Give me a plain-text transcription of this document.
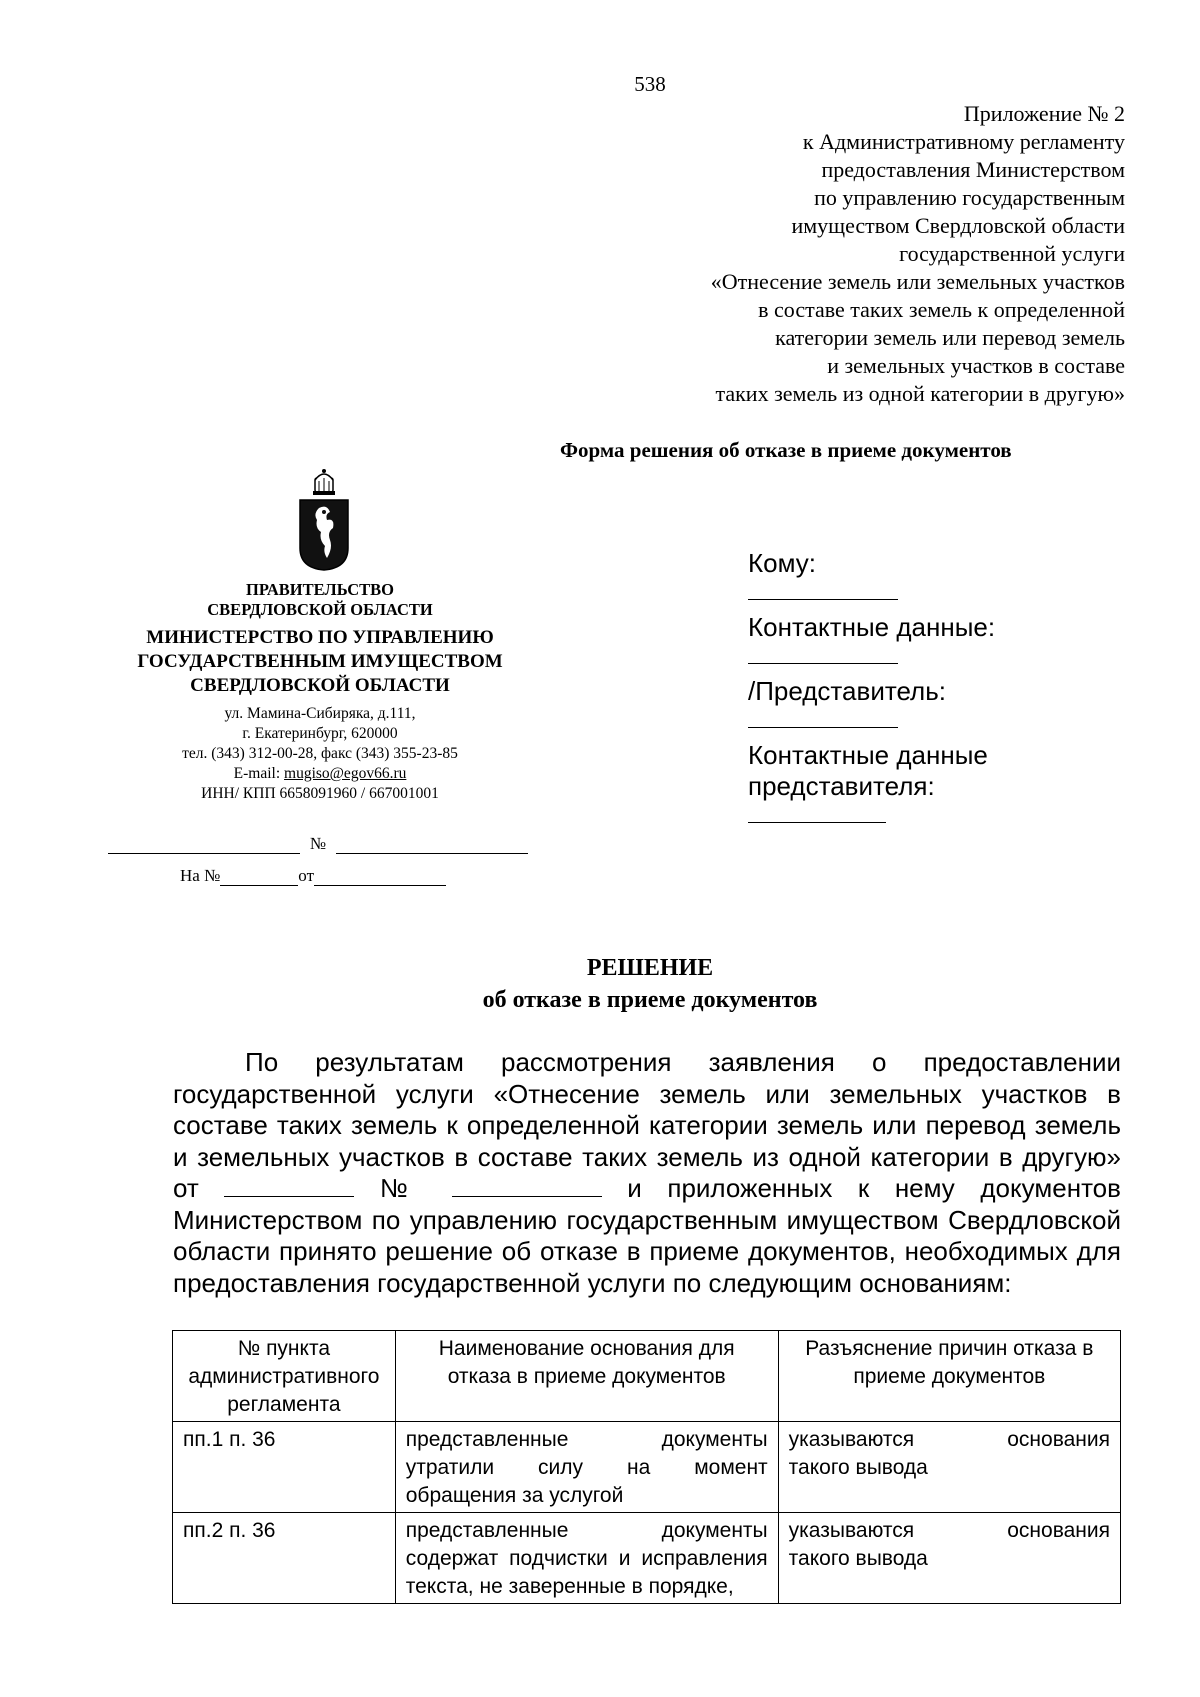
538
Приложение № 2
к Административному регламенту
предоставления Министерством
по управлению государственным
имуществом Свердловской области
государственной услуги
«Отнесение земель или земельных участков
в составе таких земель к определенной
категории земель или перевод земель
и земельных участков в составе
таких земель из одной категории в другую»
Форма решения об отказе в приеме документов
ПРАВИТЕЛЬСТВО
СВЕРДЛОВСКОЙ ОБЛАСТИ
МИНИСТЕРСТВО ПО УПРАВЛЕНИЮ
ГОСУДАРСТВЕННЫМ ИМУЩЕСТВОМ
СВЕРДЛОВСКОЙ ОБЛАСТИ
ул. Мамина-Сибиряка, д.111,
г. Екатеринбург, 620000
тел. (343) 312-00-28, факс (343) 355-23-85
E-mail: mugiso@egov66.ru
ИНН/ КПП 6658091960 / 667001001
№
На №	от
Кому:
Контактные данные:
/Представитель:
Контактные данные
представителя:
РЕШЕНИЕ
об отказе в приеме документов
По результатам рассмотрения заявления о предоставлении государственной услуги «Отнесение земель или земельных участков в составе таких земель к определенной категории земель или перевод земель и земельных участков в составе таких земель из одной категории в другую» от	№	и приложенных к нему документов Министерством по управлению государственным имуществом Свердловской области принято решение об отказе в приеме документов, необходимых для предоставления государственной услуги по следующим основаниям:
№ пункта административного регламента	Наименование основания для отказа в приеме документов	Разъяснение причин отказа в приеме документов
пп.1 п. 36	представленные документы утратили силу на момент обращения за услугой	указываются основания
такого вывода

пп.2 п. 36	представленные документы содержат подчистки и исправления текста, не заверенные в порядке,	указываются основания
такого вывода
